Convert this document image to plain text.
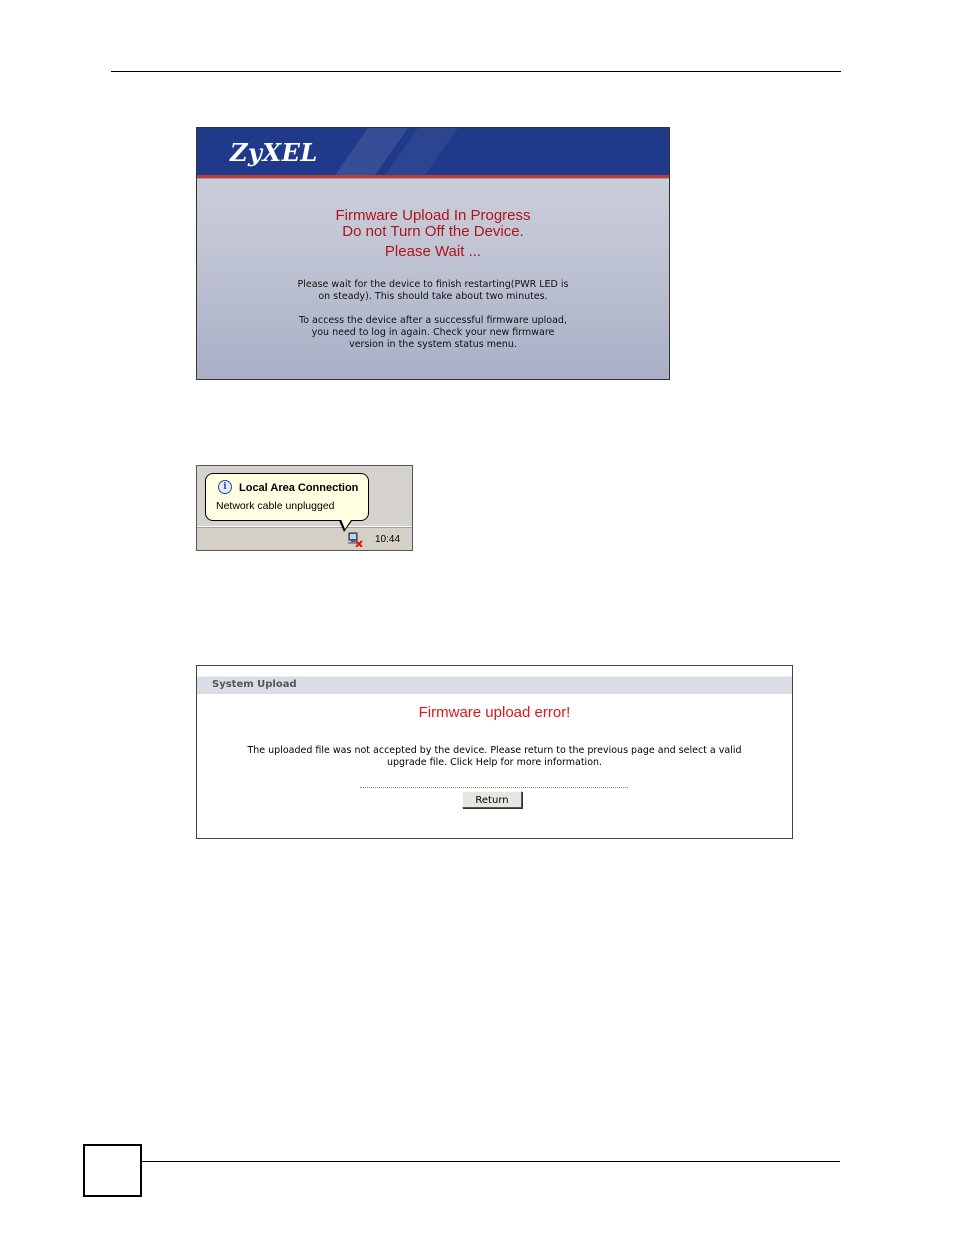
ZyXEL
Firmware Upload In Progress
Do not Turn Off the Device.
Please Wait ...
Please wait for the device to finish restarting(PWR LED is
on steady). This should take about two minutes.
To access the device after a successful firmware upload,
you need to log in again. Check your new firmware
version in the system status menu.
i	Local Area Connection
Network cable unplugged
10:44
System Upload
Firmware upload error!
The uploaded file was not accepted by the device. Please return to the previous page and select a valid
upgrade file. Click Help for more information.
Return
